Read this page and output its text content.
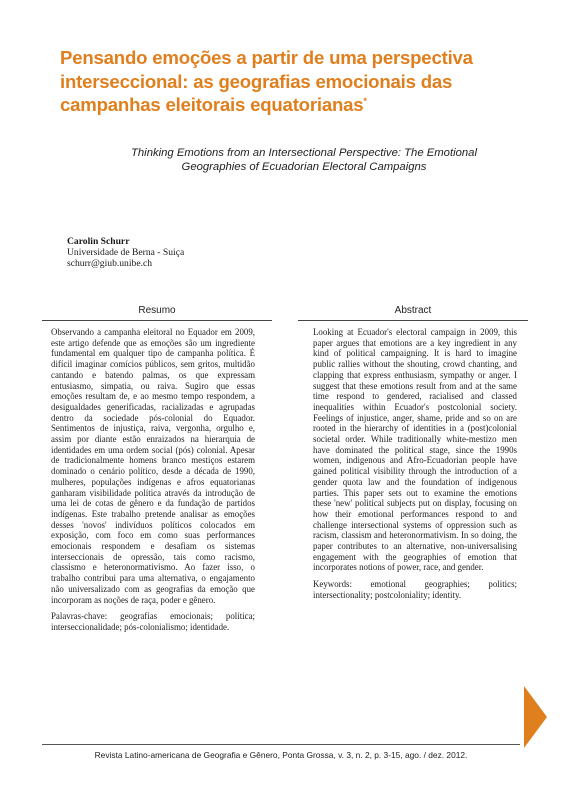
Pensando emoções a partir de uma perspectiva interseccional: as geografias emocionais das campanhas eleitorais equatorianas*

Thinking Emotions from an Intersectional Perspective: The Emotional Geographies of Ecuadorian Electoral Campaigns

Carolin Schurr
Universidade de Berna - Suiça
schurr@giub.unibe.ch
Resumo

Observando a campanha eleitoral no Equador em 2009, este artigo defende que as emoções são um ingrediente fundamental em qualquer tipo de campanha política. É difícil imaginar comícios públicos, sem gritos, multidão cantando e batendo palmas, os que expressam entusiasmo, simpatia, ou raiva. Sugiro que essas emoções resultam de, e ao mesmo tempo respondem, a desigualdades generificadas, racializadas e agrupadas dentro da sociedade pós-colonial do Equador. Sentimentos de injustiça, raiva, vergonha, orgulho e, assim por diante estão enraizados na hierarquia de identidades em uma ordem social (pós) colonial. Apesar de tradicionalmente homens branco mestiços estarem dominado o cenário político, desde a década de 1990, mulheres, populações indígenas e afros equatorianas ganharam visibilidade política através da introdução de uma lei de cotas de gênero e da fundação de partidos indígenas. Este trabalho pretende analisar as emoções desses 'novos' indivíduos políticos colocados em exposição, com foco em como suas performances emocionais respondem e desafiam os sistemas interseccionais de opressão, tais como racismo, classismo e heteronormativismo. Ao fazer isso, o trabalho contribui para uma alternativa, o engajamento não universalizado com as geografias da emoção que incorporam as noções de raça, poder e gênero.

Palavras-chave: geografias emocionais; política; interseccionalidade; pós-colonialismo; identidade.

Abstract

Looking at Ecuador's electoral campaign in 2009, this paper argues that emotions are a key ingredient in any kind of political campaigning. It is hard to imagine public rallies without the shouting, crowd chanting, and clapping that express enthusiasm, sympathy or anger. I suggest that these emotions result from and at the same time respond to gendered, racialised and classed inequalities within Ecuador's postcolonial society. Feelings of injustice, anger, shame, pride and so on are rooted in the hierarchy of identities in a (post)colonial societal order. While traditionally white-mestizo men have dominated the political stage, since the 1990s women, indigenous and Afro-Ecuadorian people have gained political visibility through the introduction of a gender quota law and the foundation of indigenous parties. This paper sets out to examine the emotions these 'new' political subjects put on display, focusing on how their emotional performances respond to and challenge intersectional systems of oppression such as racism, classism and heteronormativism. In so doing, the paper contributes to an alternative, non-universalising engagement with the geographies of emotion that incorporates notions of power, race, and gender.

Keywords: emotional geographies; politics; intersectionality; postcoloniality; identity.

Revista Latino-americana de Geografia e Gênero, Ponta Grossa, v. 3, n. 2, p. 3-15, ago. / dez. 2012.
